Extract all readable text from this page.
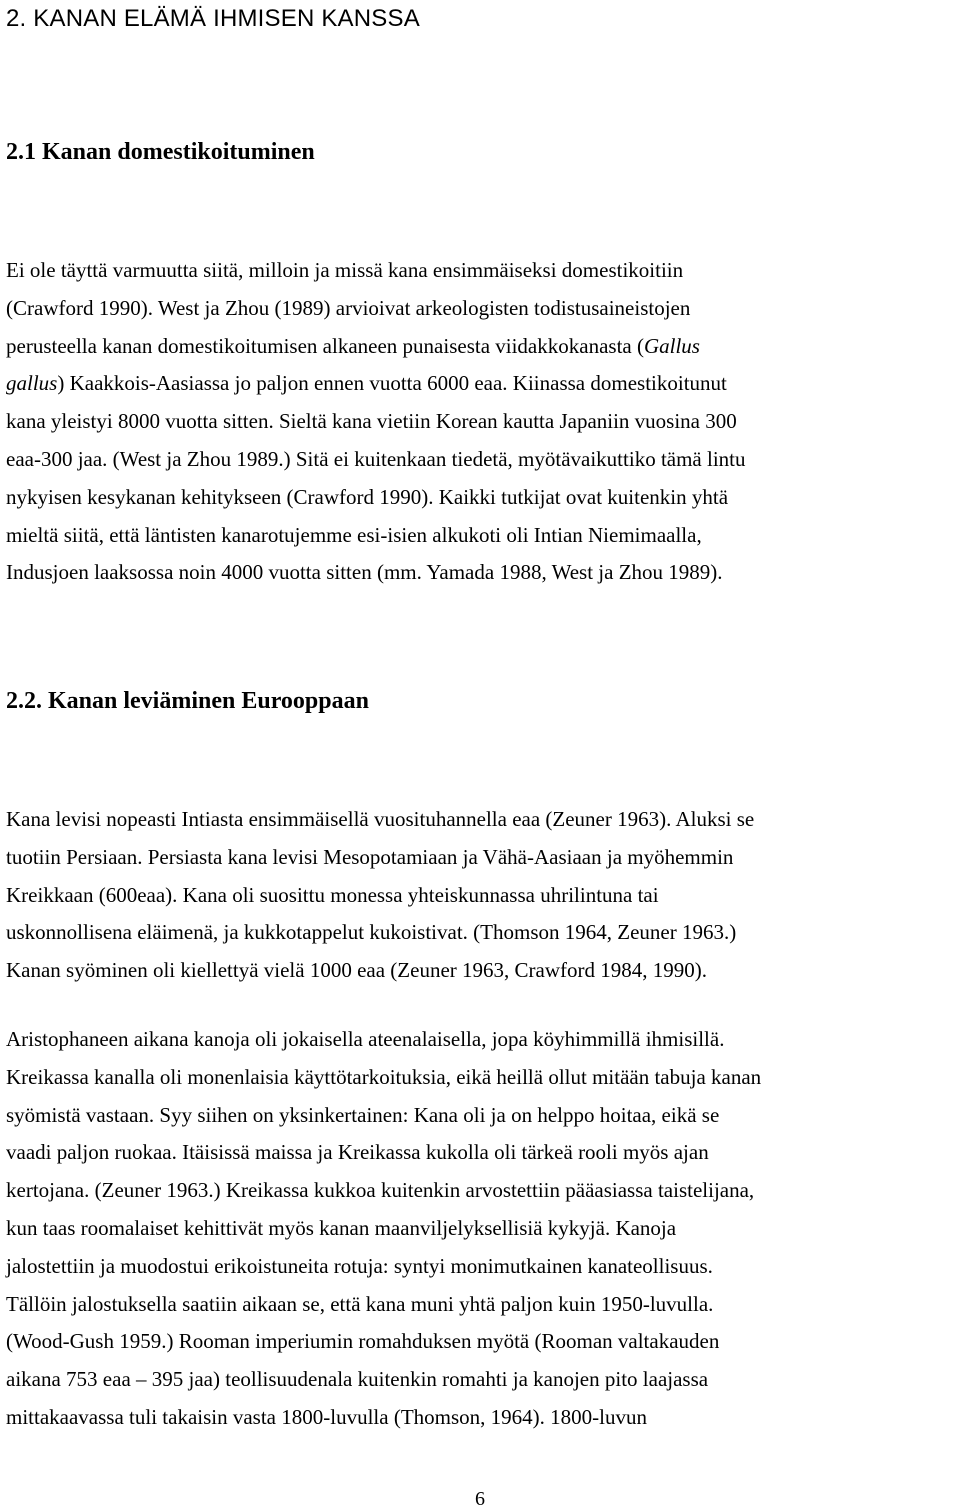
2. KANAN ELÄMÄ IHMISEN KANSSA
2.1 Kanan domestikoituminen
Ei ole täyttä varmuutta siitä, milloin ja missä kana ensimmäiseksi domestikoitiin
(Crawford 1990). West ja Zhou (1989) arvioivat arkeologisten todistusaineistojen
perusteella kanan domestikoitumisen alkaneen punaisesta viidakkokanasta (Gallus
gallus) Kaakkois-Aasiassa jo paljon ennen vuotta 6000 eaa. Kiinassa domestikoitunut
kana yleistyi 8000 vuotta sitten. Sieltä kana vietiin Korean kautta Japaniin vuosina 300
eaa-300 jaa. (West ja Zhou 1989.) Sitä ei kuitenkaan tiedetä, myötävaikuttiko tämä lintu
nykyisen kesykanan kehitykseen (Crawford 1990). Kaikki tutkijat ovat kuitenkin yhtä
mieltä siitä, että läntisten kanarotujemme esi-isien alkukoti oli Intian Niemimaalla,
Indusjoen laaksossa noin 4000 vuotta sitten (mm. Yamada 1988, West ja Zhou 1989).
2.2. Kanan leviäminen Eurooppaan
Kana levisi nopeasti Intiasta ensimmäisellä vuosituhannella eaa (Zeuner 1963). Aluksi se
tuotiin Persiaan. Persiasta kana levisi Mesopotamiaan ja Vähä-Aasiaan ja myöhemmin
Kreikkaan (600eaa). Kana oli suosittu monessa yhteiskunnassa uhrilintuna tai
uskonnollisena eläimenä, ja kukkotappelut kukoistivat. (Thomson 1964, Zeuner 1963.)
Kanan syöminen oli kiellettyä vielä 1000 eaa (Zeuner 1963, Crawford 1984, 1990).
Aristophaneen aikana kanoja oli jokaisella ateenalaisella, jopa köyhimmillä ihmisillä.
Kreikassa kanalla oli monenlaisia käyttötarkoituksia, eikä heillä ollut mitään tabuja kanan
syömistä vastaan. Syy siihen on yksinkertainen: Kana oli ja on helppo hoitaa, eikä se
vaadi paljon ruokaa. Itäisissä maissa ja Kreikassa kukolla oli tärkeä rooli myös ajan
kertojana. (Zeuner 1963.) Kreikassa kukkoa kuitenkin arvostettiin pääasiassa taistelijana,
kun taas roomalaiset kehittivät myös kanan maanviljelyksellisiä kykyjä. Kanoja
jalostettiin ja muodostui erikoistuneita rotuja: syntyi monimutkainen kanateollisuus.
Tällöin jalostuksella saatiin aikaan se, että kana muni yhtä paljon kuin 1950-luvulla.
(Wood-Gush 1959.) Rooman imperiumin romahduksen myötä (Rooman valtakauden
aikana 753 eaa – 395 jaa) teollisuudenala kuitenkin romahti ja kanojen pito laajassa
mittakaavassa tuli takaisin vasta 1800-luvulla (Thomson, 1964). 1800-luvun
6
